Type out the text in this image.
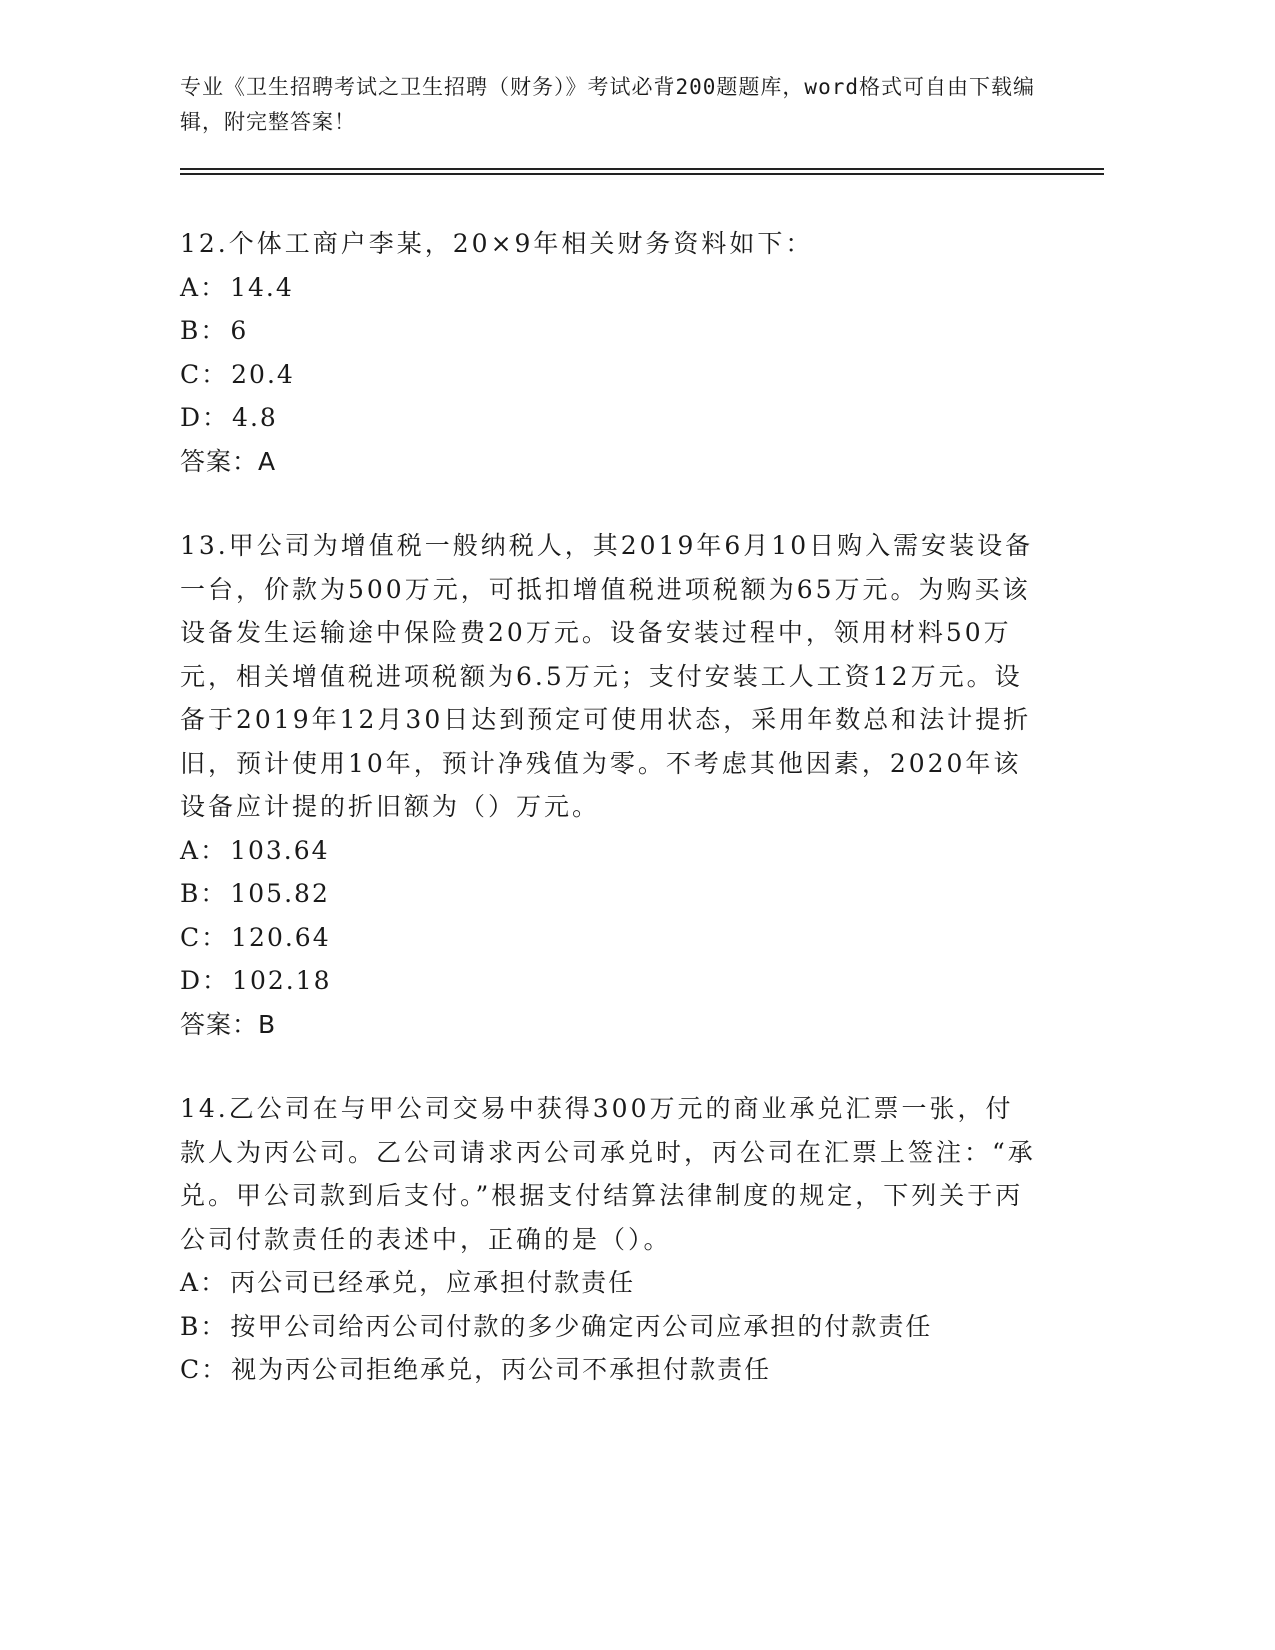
专业《卫生招聘考试之卫生招聘（财务）》考试必背200题题库，word格式可自由下载编辑，附完整答案！

12.个体工商户李某，20×9年相关财务资料如下：

A： 14.4

B： 6

C： 20.4

D： 4.8

答案：A

13.甲公司为增值税一般纳税人，其2019年6月10日购入需安装设备一台，价款为500万元，可抵扣增值税进项税额为65万元。为购买该设备发生运输途中保险费20万元。设备安装过程中，领用材料50万元，相关增值税进项税额为6.5万元；支付安装工人工资12万元。设备于2019年12月30日达到预定可使用状态，采用年数总和法计提折旧，预计使用10年，预计净残值为零。不考虑其他因素，2020年该设备应计提的折旧额为（）万元。

A： 103.64

B： 105.82

C： 120.64

D： 102.18

答案：B

14.乙公司在与甲公司交易中获得300万元的商业承兑汇票一张，付款人为丙公司。乙公司请求丙公司承兑时，丙公司在汇票上签注：“承兑。甲公司款到后支付。”根据支付结算法律制度的规定，下列关于丙公司付款责任的表述中，正确的是（）。

A： 丙公司已经承兑，应承担付款责任

B： 按甲公司给丙公司付款的多少确定丙公司应承担的付款责任

C： 视为丙公司拒绝承兑，丙公司不承担付款责任
